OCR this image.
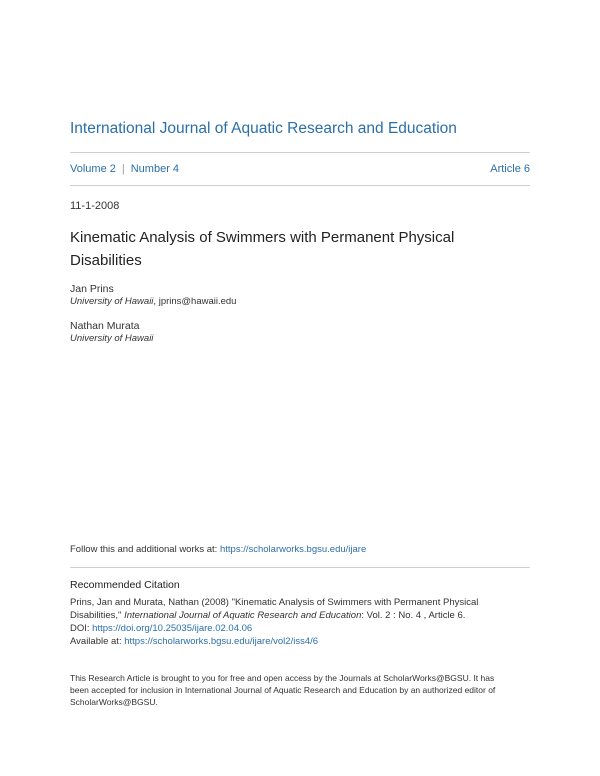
International Journal of Aquatic Research and Education
Volume 2 | Number 4	Article 6
11-1-2008
Kinematic Analysis of Swimmers with Permanent Physical
Disabilities
Jan Prins
University of Hawaii, jprins@hawaii.edu
Nathan Murata
University of Hawaii
Follow this and additional works at: https://scholarworks.bgsu.edu/ijare
Recommended Citation
Prins, Jan and Murata, Nathan (2008) "Kinematic Analysis of Swimmers with Permanent Physical
Disabilities," International Journal of Aquatic Research and Education: Vol. 2 : No. 4 , Article 6.
DOI: https://doi.org/10.25035/ijare.02.04.06
Available at: https://scholarworks.bgsu.edu/ijare/vol2/iss4/6
This Research Article is brought to you for free and open access by the Journals at ScholarWorks@BGSU. It has
been accepted for inclusion in International Journal of Aquatic Research and Education by an authorized editor of
ScholarWorks@BGSU.
